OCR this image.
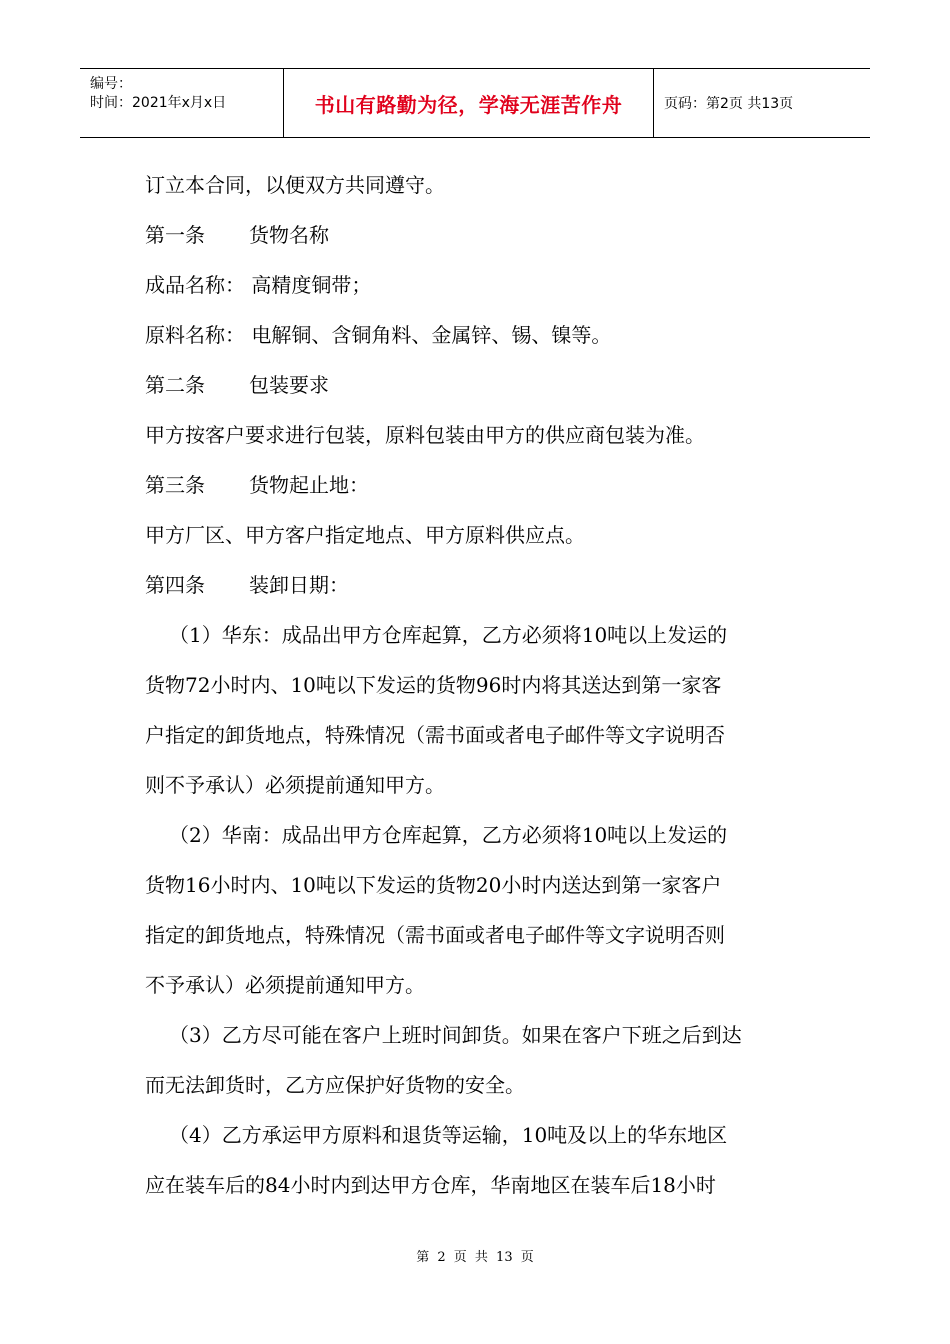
编号：
时间：2021年x月x日	书山有路勤为径，学海无涯苦作舟	页码：第2页 共13页

订立本合同，以便双方共同遵守。

第一条 货物名称

成品名称： 高精度铜带；

原料名称： 电解铜、含铜角料、金属锌、锡、镍等。

第二条 包装要求

甲方按客户要求进行包装，原料包装由甲方的供应商包装为准。

第三条 货物起止地：

甲方厂区、甲方客户指定地点、甲方原料供应点。

第四条 装卸日期：

（1）华东：成品出甲方仓库起算，乙方必须将10吨以上发运的

货物72小时内、10吨以下发运的货物96时内将其送达到第一家客

户指定的卸货地点，特殊情况（需书面或者电子邮件等文字说明否

则不予承认）必须提前通知甲方。

（2）华南：成品出甲方仓库起算，乙方必须将10吨以上发运的

货物16小时内、10吨以下发运的货物20小时内送达到第一家客户

指定的卸货地点，特殊情况（需书面或者电子邮件等文字说明否则

不予承认）必须提前通知甲方。

（3）乙方尽可能在客户上班时间卸货。如果在客户下班之后到达

而无法卸货时，乙方应保护好货物的安全。

（4）乙方承运甲方原料和退货等运输，10吨及以上的华东地区

应在装车后的84小时内到达甲方仓库，华南地区在装车后18小时

第 2 页 共 13 页
